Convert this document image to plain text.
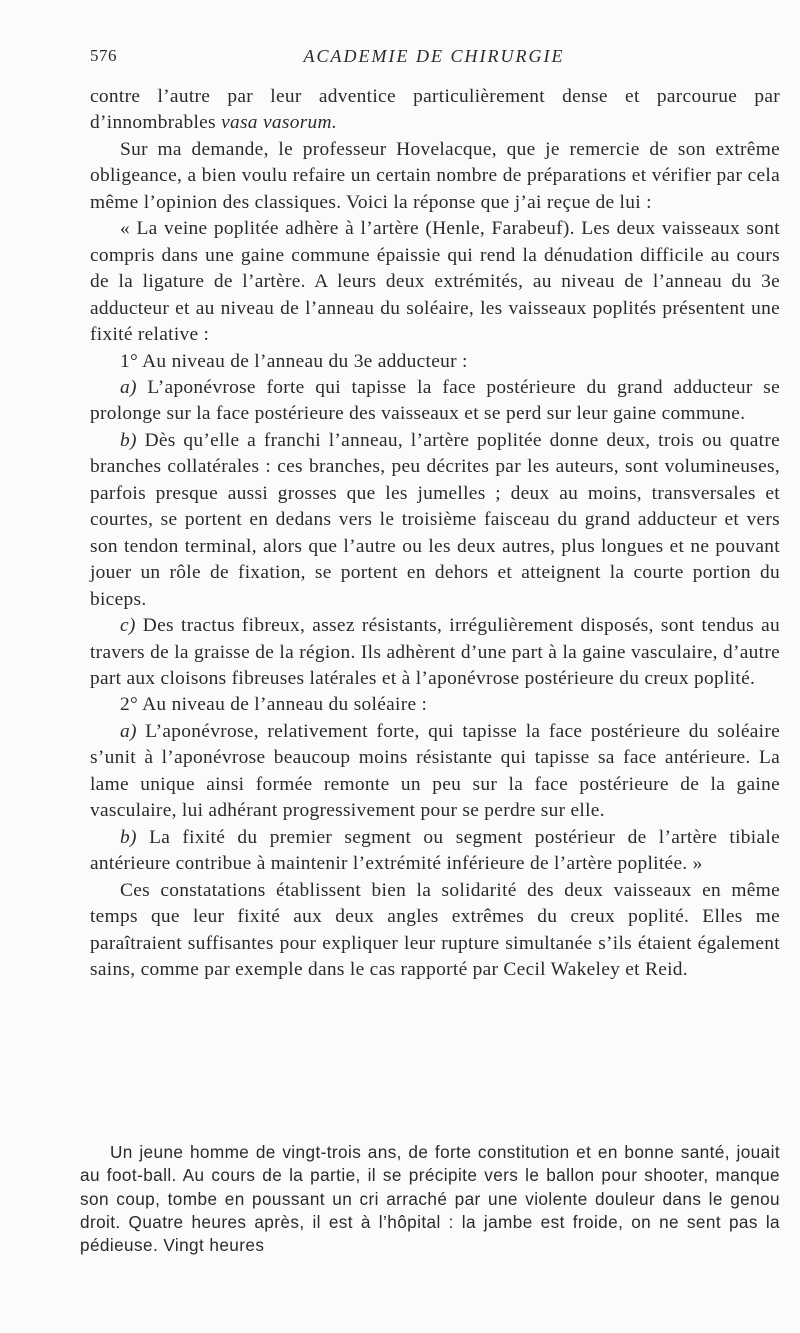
576	ACADEMIE DE CHIRURGIE

contre l’autre par leur adventice particulièrement dense et parcourue par d’innombrables vasa vasorum.

Sur ma demande, le professeur Hovelacque, que je remercie de son extrême obligeance, a bien voulu refaire un certain nombre de préparations et vérifier par cela même l’opinion des classiques. Voici la réponse que j’ai reçue de lui :

« La veine poplitée adhère à l’artère (Henle, Farabeuf). Les deux vaisseaux sont compris dans une gaine commune épaissie qui rend la dénudation difficile au cours de la ligature de l’artère. A leurs deux extrémités, au niveau de l’anneau du 3e adducteur et au niveau de l’anneau du soléaire, les vaisseaux poplités présentent une fixité relative :

1° Au niveau de l’anneau du 3e adducteur :

a) L’aponévrose forte qui tapisse la face postérieure du grand adducteur se prolonge sur la face postérieure des vaisseaux et se perd sur leur gaine commune.

b) Dès qu’elle a franchi l’anneau, l’artère poplitée donne deux, trois ou quatre branches collatérales : ces branches, peu décrites par les auteurs, sont volumineuses, parfois presque aussi grosses que les jumelles ; deux au moins, transversales et courtes, se portent en dedans vers le troisième faisceau du grand adducteur et vers son tendon terminal, alors que l’autre ou les deux autres, plus longues et ne pouvant jouer un rôle de fixation, se portent en dehors et atteignent la courte portion du biceps.

c) Des tractus fibreux, assez résistants, irrégulièrement disposés, sont tendus au travers de la graisse de la région. Ils adhèrent d’une part à la gaine vasculaire, d’autre part aux cloisons fibreuses latérales et à l’aponévrose postérieure du creux poplité.

2° Au niveau de l’anneau du soléaire :

a) L’aponévrose, relativement forte, qui tapisse la face postérieure du soléaire s’unit à l’aponévrose beaucoup moins résistante qui tapisse sa face antérieure. La lame unique ainsi formée remonte un peu sur la face postérieure de la gaine vasculaire, lui adhérant progressivement pour se perdre sur elle.

b) La fixité du premier segment ou segment postérieur de l’artère tibiale antérieure contribue à maintenir l’extrémité inférieure de l’artère poplitée. »

Ces constatations établissent bien la solidarité des deux vaisseaux en même temps que leur fixité aux deux angles extrêmes du creux poplité. Elles me paraîtraient suffisantes pour expliquer leur rupture simultanée s’ils étaient également sains, comme par exemple dans le cas rapporté par Cecil Wakeley et Reid.

Un jeune homme de vingt-trois ans, de forte constitution et en bonne santé, jouait au foot-ball. Au cours de la partie, il se précipite vers le ballon pour shooter, manque son coup, tombe en poussant un cri arraché par une violente douleur dans le genou droit. Quatre heures après, il est à l’hôpital : la jambe est froide, on ne sent pas la pédieuse. Vingt heures
